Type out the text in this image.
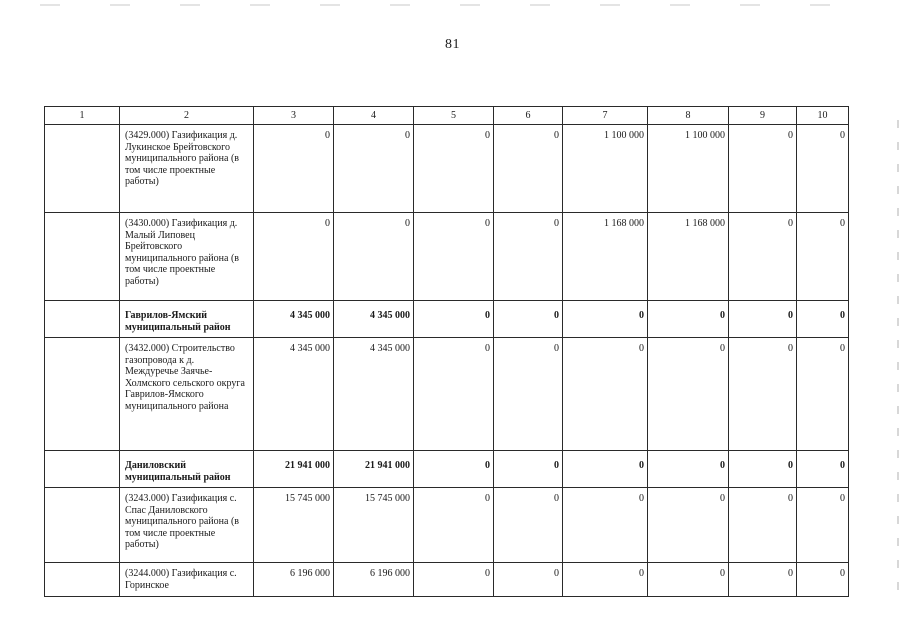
81
1	2	3	4	5	6	7	8	9	10
	(3429.000) Газификация д. Лукинское Брейтовского муниципального района (в том числе проектные работы)	0	0	0	0	1 100 000	1 100 000	0	0
	(3430.000) Газификация д. Малый Липовец Брейтовского муниципального района (в том числе проектные работы)	0	0	0	0	1 168 000	1 168 000	0	0
	Гаврилов-Ямский муниципальный район	4 345 000	4 345 000	0	0	0	0	0	0
	(3432.000) Строительство газопровода к д. Междуречье Заячье-Холмского сельского округа Гаврилов-Ямского муниципального района	4 345 000	4 345 000	0	0	0	0	0	0
	Даниловский муниципальный район	21 941 000	21 941 000	0	0	0	0	0	0
	(3243.000) Газификация с. Спас Даниловского муниципального района (в том числе проектные работы)	15 745 000	15 745 000	0	0	0	0	0	0
	(3244.000) Газификация с. Горинское	6 196 000	6 196 000	0	0	0	0	0	0
